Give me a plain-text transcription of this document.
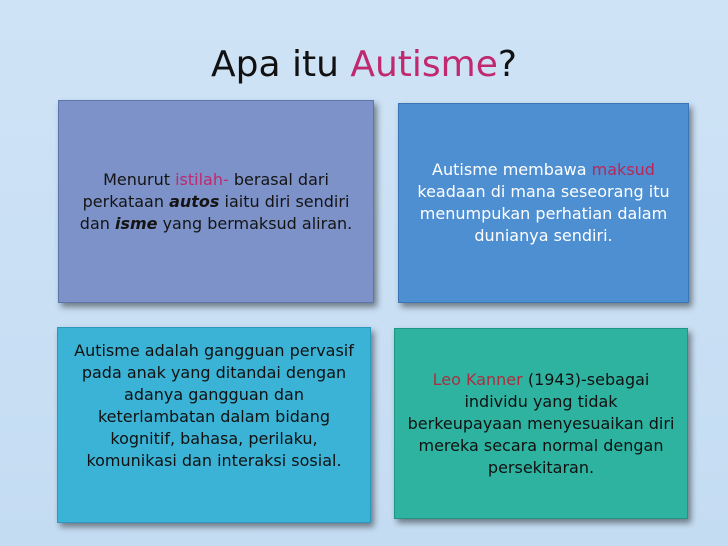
Apa itu Autisme?

Menurut istilah- berasal dari perkataan autos iaitu diri sendiri dan isme yang bermaksud aliran.

Autisme membawa maksud keadaan di mana seseorang itu menumpukan perhatian dalam dunianya sendiri.

Autisme adalah gangguan pervasif pada anak yang ditandai dengan adanya gangguan dan keterlambatan dalam bidang kognitif, bahasa, perilaku, komunikasi dan interaksi sosial.

Leo Kanner (1943)-sebagai individu yang tidak berkeupayaan menyesuaikan diri mereka secara normal dengan persekitaran.
